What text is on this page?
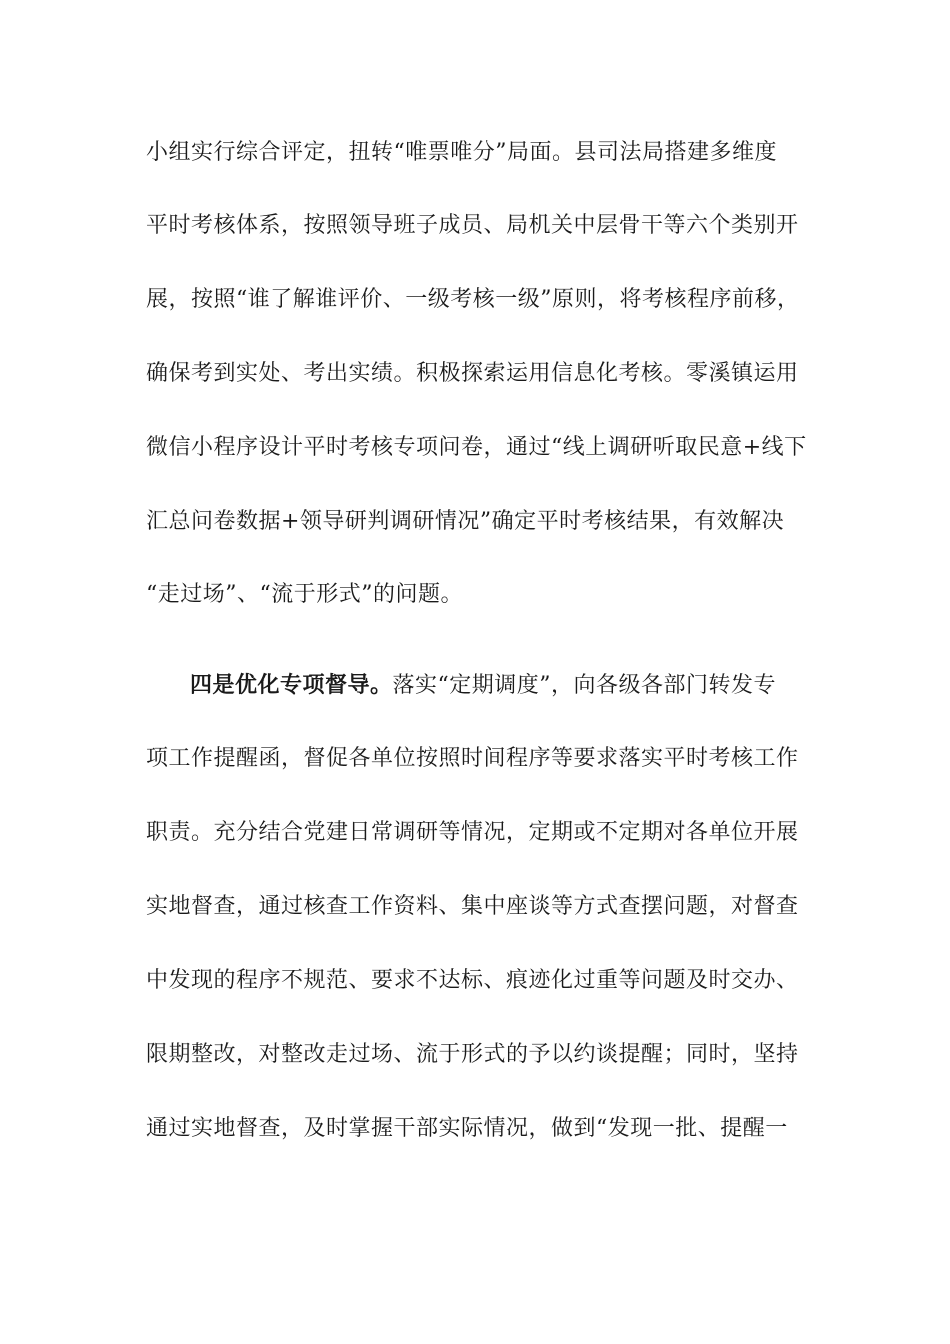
小组实行综合评定，扭转“唯票唯分”局面。县司法局搭建多维度
平时考核体系，按照领导班子成员、局机关中层骨干等六个类别开
展，按照“谁了解谁评价、一级考核一级”原则，将考核程序前移，
确保考到实处、考出实绩。积极探索运用信息化考核。零溪镇运用
微信小程序设计平时考核专项问卷，通过“线上调研听取民意+线下
汇总问卷数据+领导研判调研情况”确定平时考核结果，有效解决
“走过场”、“流于形式”的问题。
四是优化专项督导。落实“定期调度”，向各级各部门转发专
项工作提醒函，督促各单位按照时间程序等要求落实平时考核工作
职责。充分结合党建日常调研等情况，定期或不定期对各单位开展
实地督查，通过核查工作资料、集中座谈等方式查摆问题，对督查
中发现的程序不规范、要求不达标、痕迹化过重等问题及时交办、
限期整改，对整改走过场、流于形式的予以约谈提醒；同时，坚持
通过实地督查，及时掌握干部实际情况，做到“发现一批、提醒一
